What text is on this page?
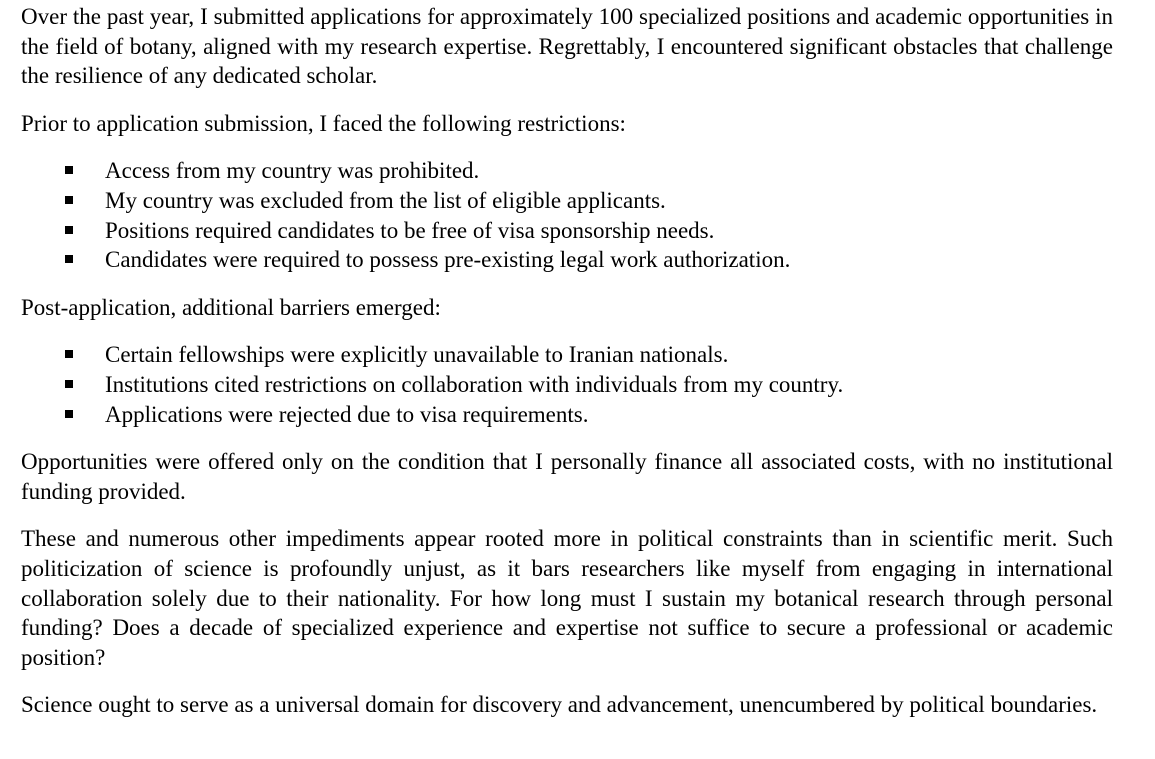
Over the past year, I submitted applications for approximately 100 specialized positions and academic opportunities in the field of botany, aligned with my research expertise. Regrettably, I encountered significant obstacles that challenge the resilience of any dedicated scholar.

Prior to application submission, I faced the following restrictions:

Access from my country was prohibited.
My country was excluded from the list of eligible applicants.
Positions required candidates to be free of visa sponsorship needs.
Candidates were required to possess pre-existing legal work authorization.

Post-application, additional barriers emerged:

Certain fellowships were explicitly unavailable to Iranian nationals.
Institutions cited restrictions on collaboration with individuals from my country.
Applications were rejected due to visa requirements.

Opportunities were offered only on the condition that I personally finance all associated costs, with no institutional funding provided.

These and numerous other impediments appear rooted more in political constraints than in scientific merit. Such politicization of science is profoundly unjust, as it bars researchers like myself from engaging in international collaboration solely due to their nationality. For how long must I sustain my botanical research through personal funding? Does a decade of specialized experience and expertise not suffice to secure a professional or academic position?

Science ought to serve as a universal domain for discovery and advancement, unencumbered by political boundaries.
